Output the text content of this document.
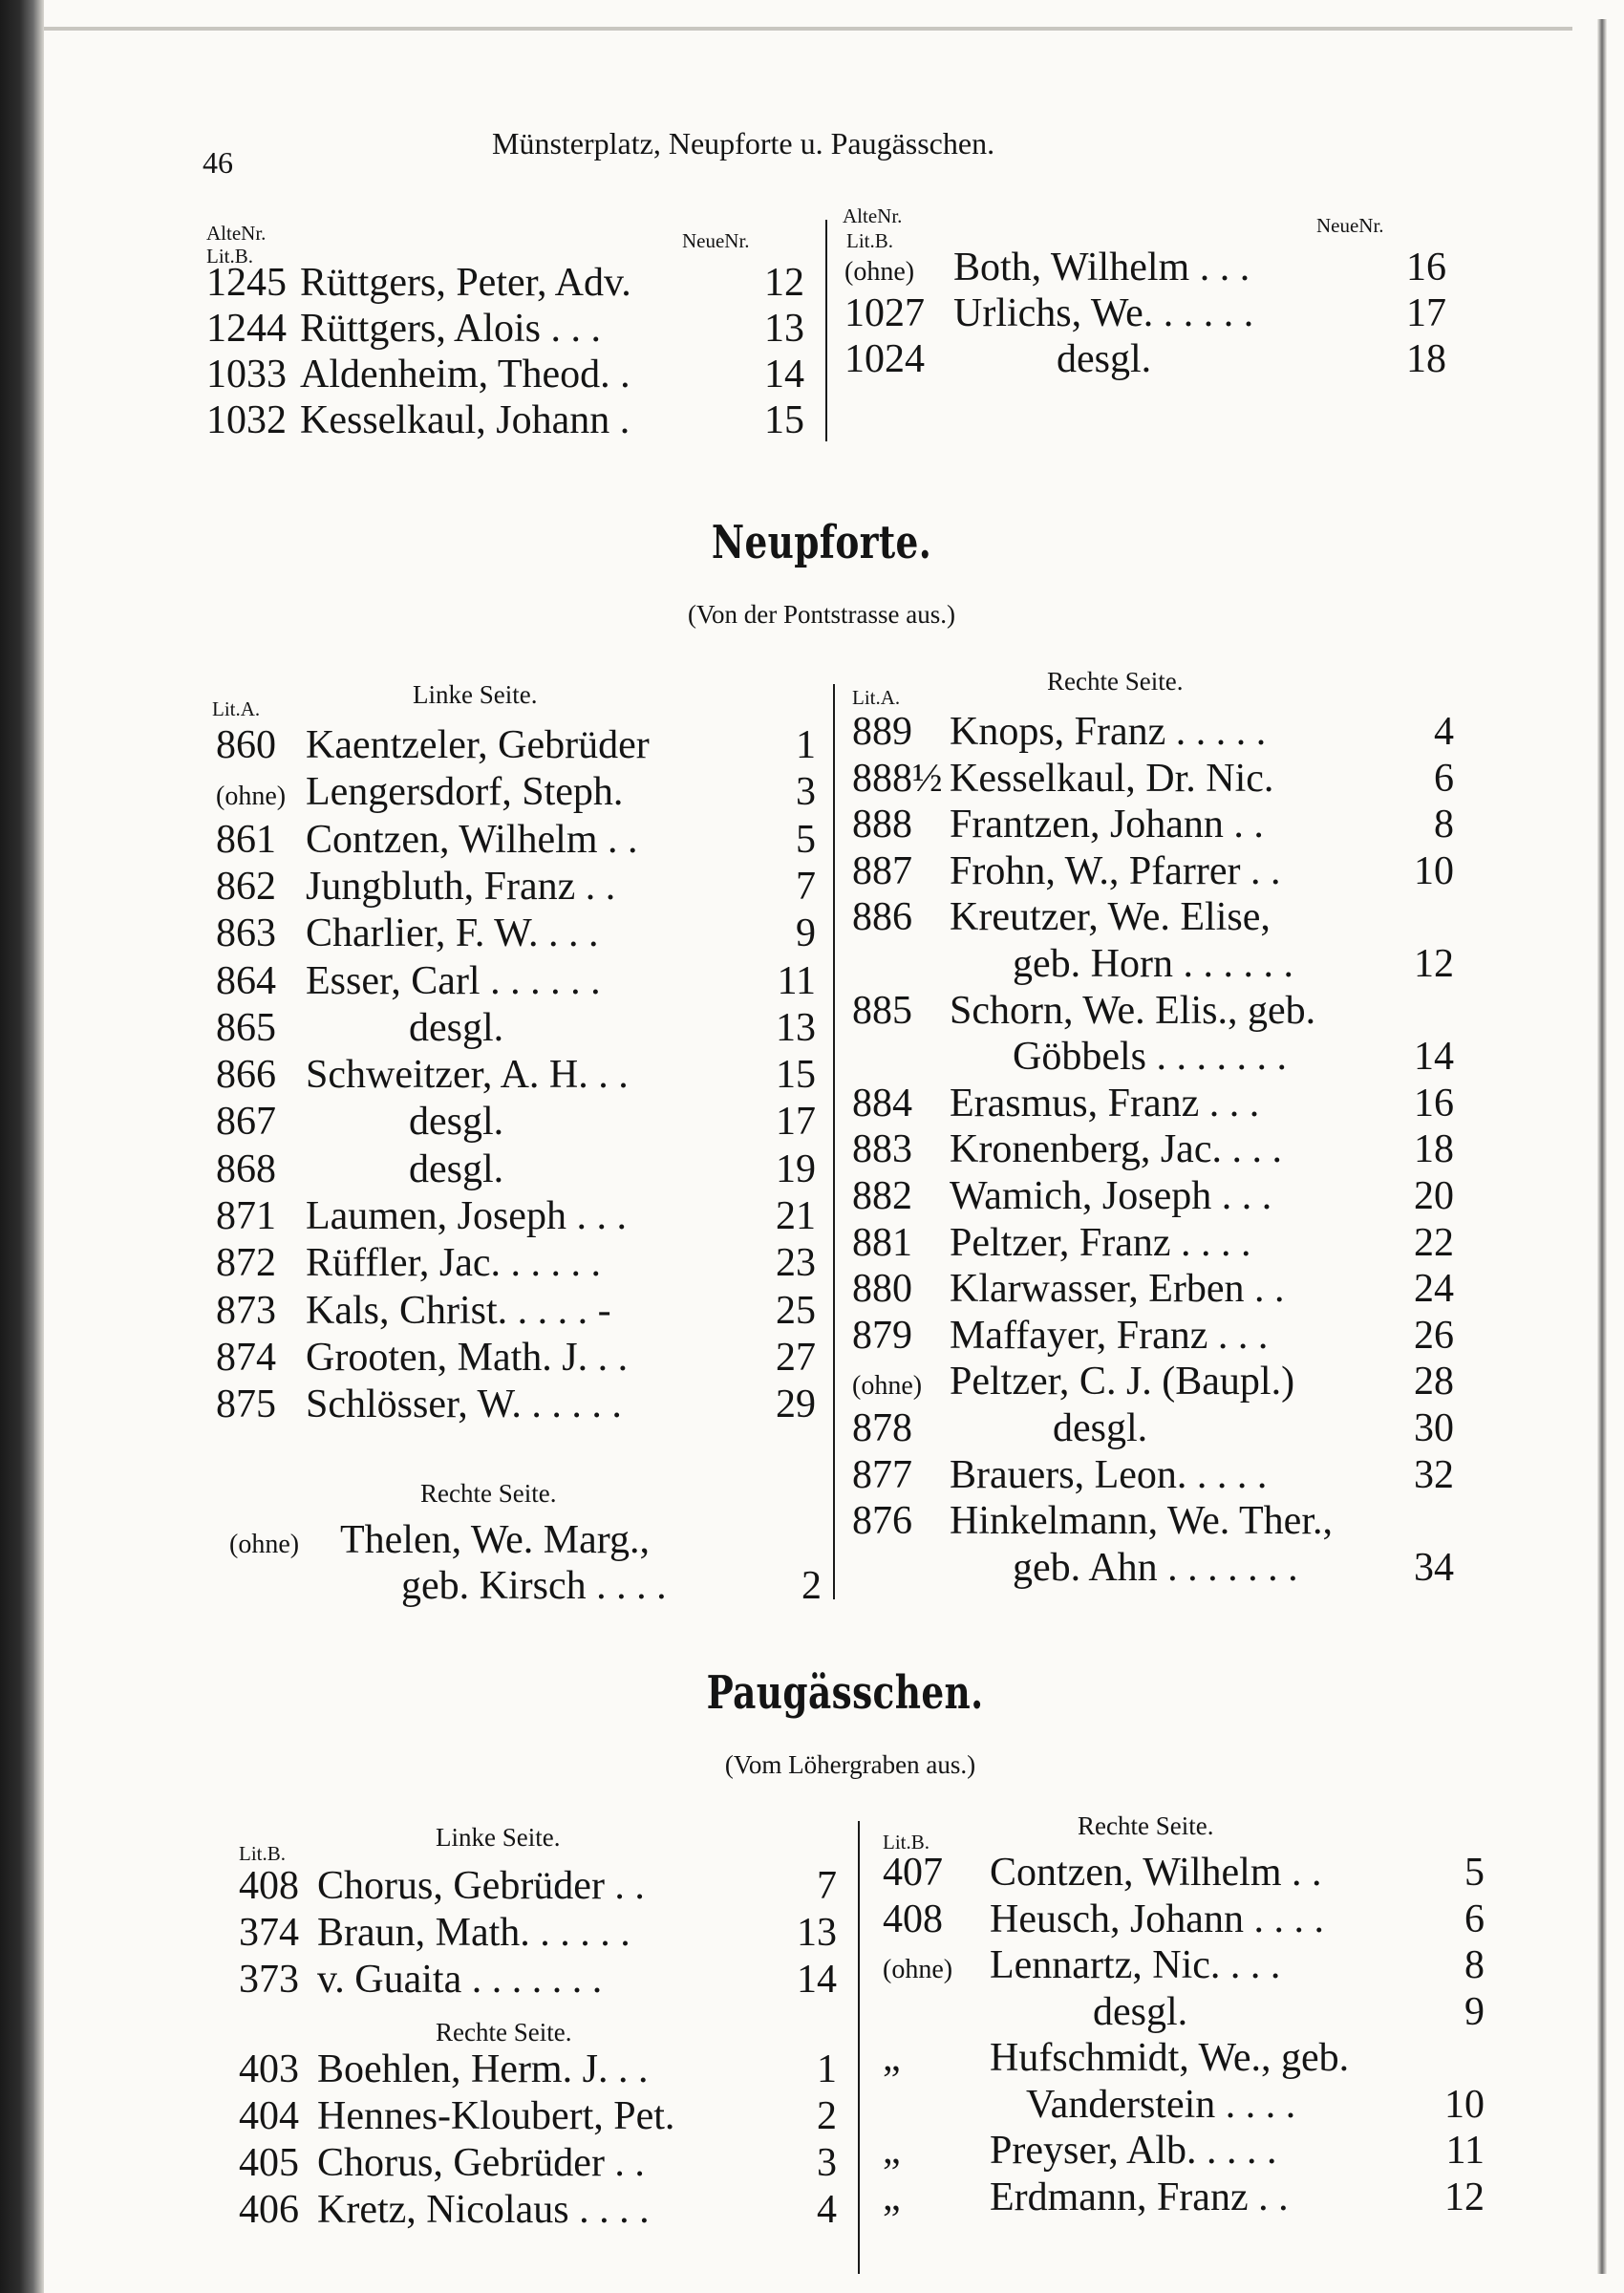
46
Münsterplatz, Neupforte u. Paugässchen.
AlteNr.
Lit.B.
NeueNr.
1245 Rüttgers, Peter, Adv.	12
1244 Rüttgers, Alois . . .	13
1033 Aldenheim, Theod. .	14
1032 Kesselkaul, Johann .	15
AlteNr.
Lit.B.
NeueNr.
(ohne) Both, Wilhelm . . .	16
1027 Urlichs, We. . . . . .	17
1024	desgl.	18
Neupforte.
(Von der Pontstrasse aus.)
Lit.A.	Linke Seite.
860 Kaentzeler, Gebrüder	1
(ohne) Lengersdorf, Steph.	3
861 Contzen, Wilhelm . .	5
862 Jungbluth, Franz . .	7
863 Charlier, F. W. . . .	9
864 Esser, Carl . . . . . .	11
865	desgl.	13
866 Schweitzer, A. H. . .	15
867	desgl.	17
868	desgl.	19
871 Laumen, Joseph . . .	21
872 Rüffler, Jac. . . . . .	23
873 Kals, Christ. . . . . -	25
874 Grooten, Math. J. . .	27
875 Schlösser, W. . . . . .	29
Rechte Seite.
(ohne)	Thelen, We. Marg.,
geb. Kirsch . . . .	2
Lit.A.
Rechte Seite.
889 Knops, Franz . . . . .	4
888½ Kesselkaul, Dr. Nic.	6
888 Frantzen, Johann . .	8
887 Frohn, W., Pfarrer . .	10
886 Kreutzer, We. Elise,
geb. Horn . . . . . .	12
885 Schorn, We. Elis., geb.
Göbbels . . . . . . .	14
884 Erasmus, Franz . . .	16
883 Kronenberg, Jac. . . .	18
882 Wamich, Joseph . . .	20
881 Peltzer, Franz . . . .	22
880 Klarwasser, Erben . .	24
879 Maffayer, Franz . . .	26
(ohne) Peltzer, C. J. (Baupl.)	28
878	desgl.	30
877 Brauers, Leon. . . . .	32
876 Hinkelmann, We. Ther.,
geb. Ahn . . . . . . .	34
Paugässchen.
(Vom Löhergraben aus.)
Lit.B.
Linke Seite.
408 Chorus, Gebrüder . .	7
374 Braun, Math. . . . . .	13
373 v. Guaita . . . . . . .	14
Rechte Seite.
403 Boehlen, Herm. J. . .	1
404 Hennes-Kloubert, Pet.	2
405 Chorus, Gebrüder . .	3
406 Kretz, Nicolaus . . . .	4
Lit.B.
Rechte Seite.
407	Contzen, Wilhelm . .	5
408	Heusch, Johann . . . .	6
(ohne) Lennartz, Nic. . . .	8
desgl.	9
„	Hufschmidt, We., geb.
Vanderstein . . . .	10
„	Preyser, Alb. . . . .	11
„	Erdmann, Franz . .	12
